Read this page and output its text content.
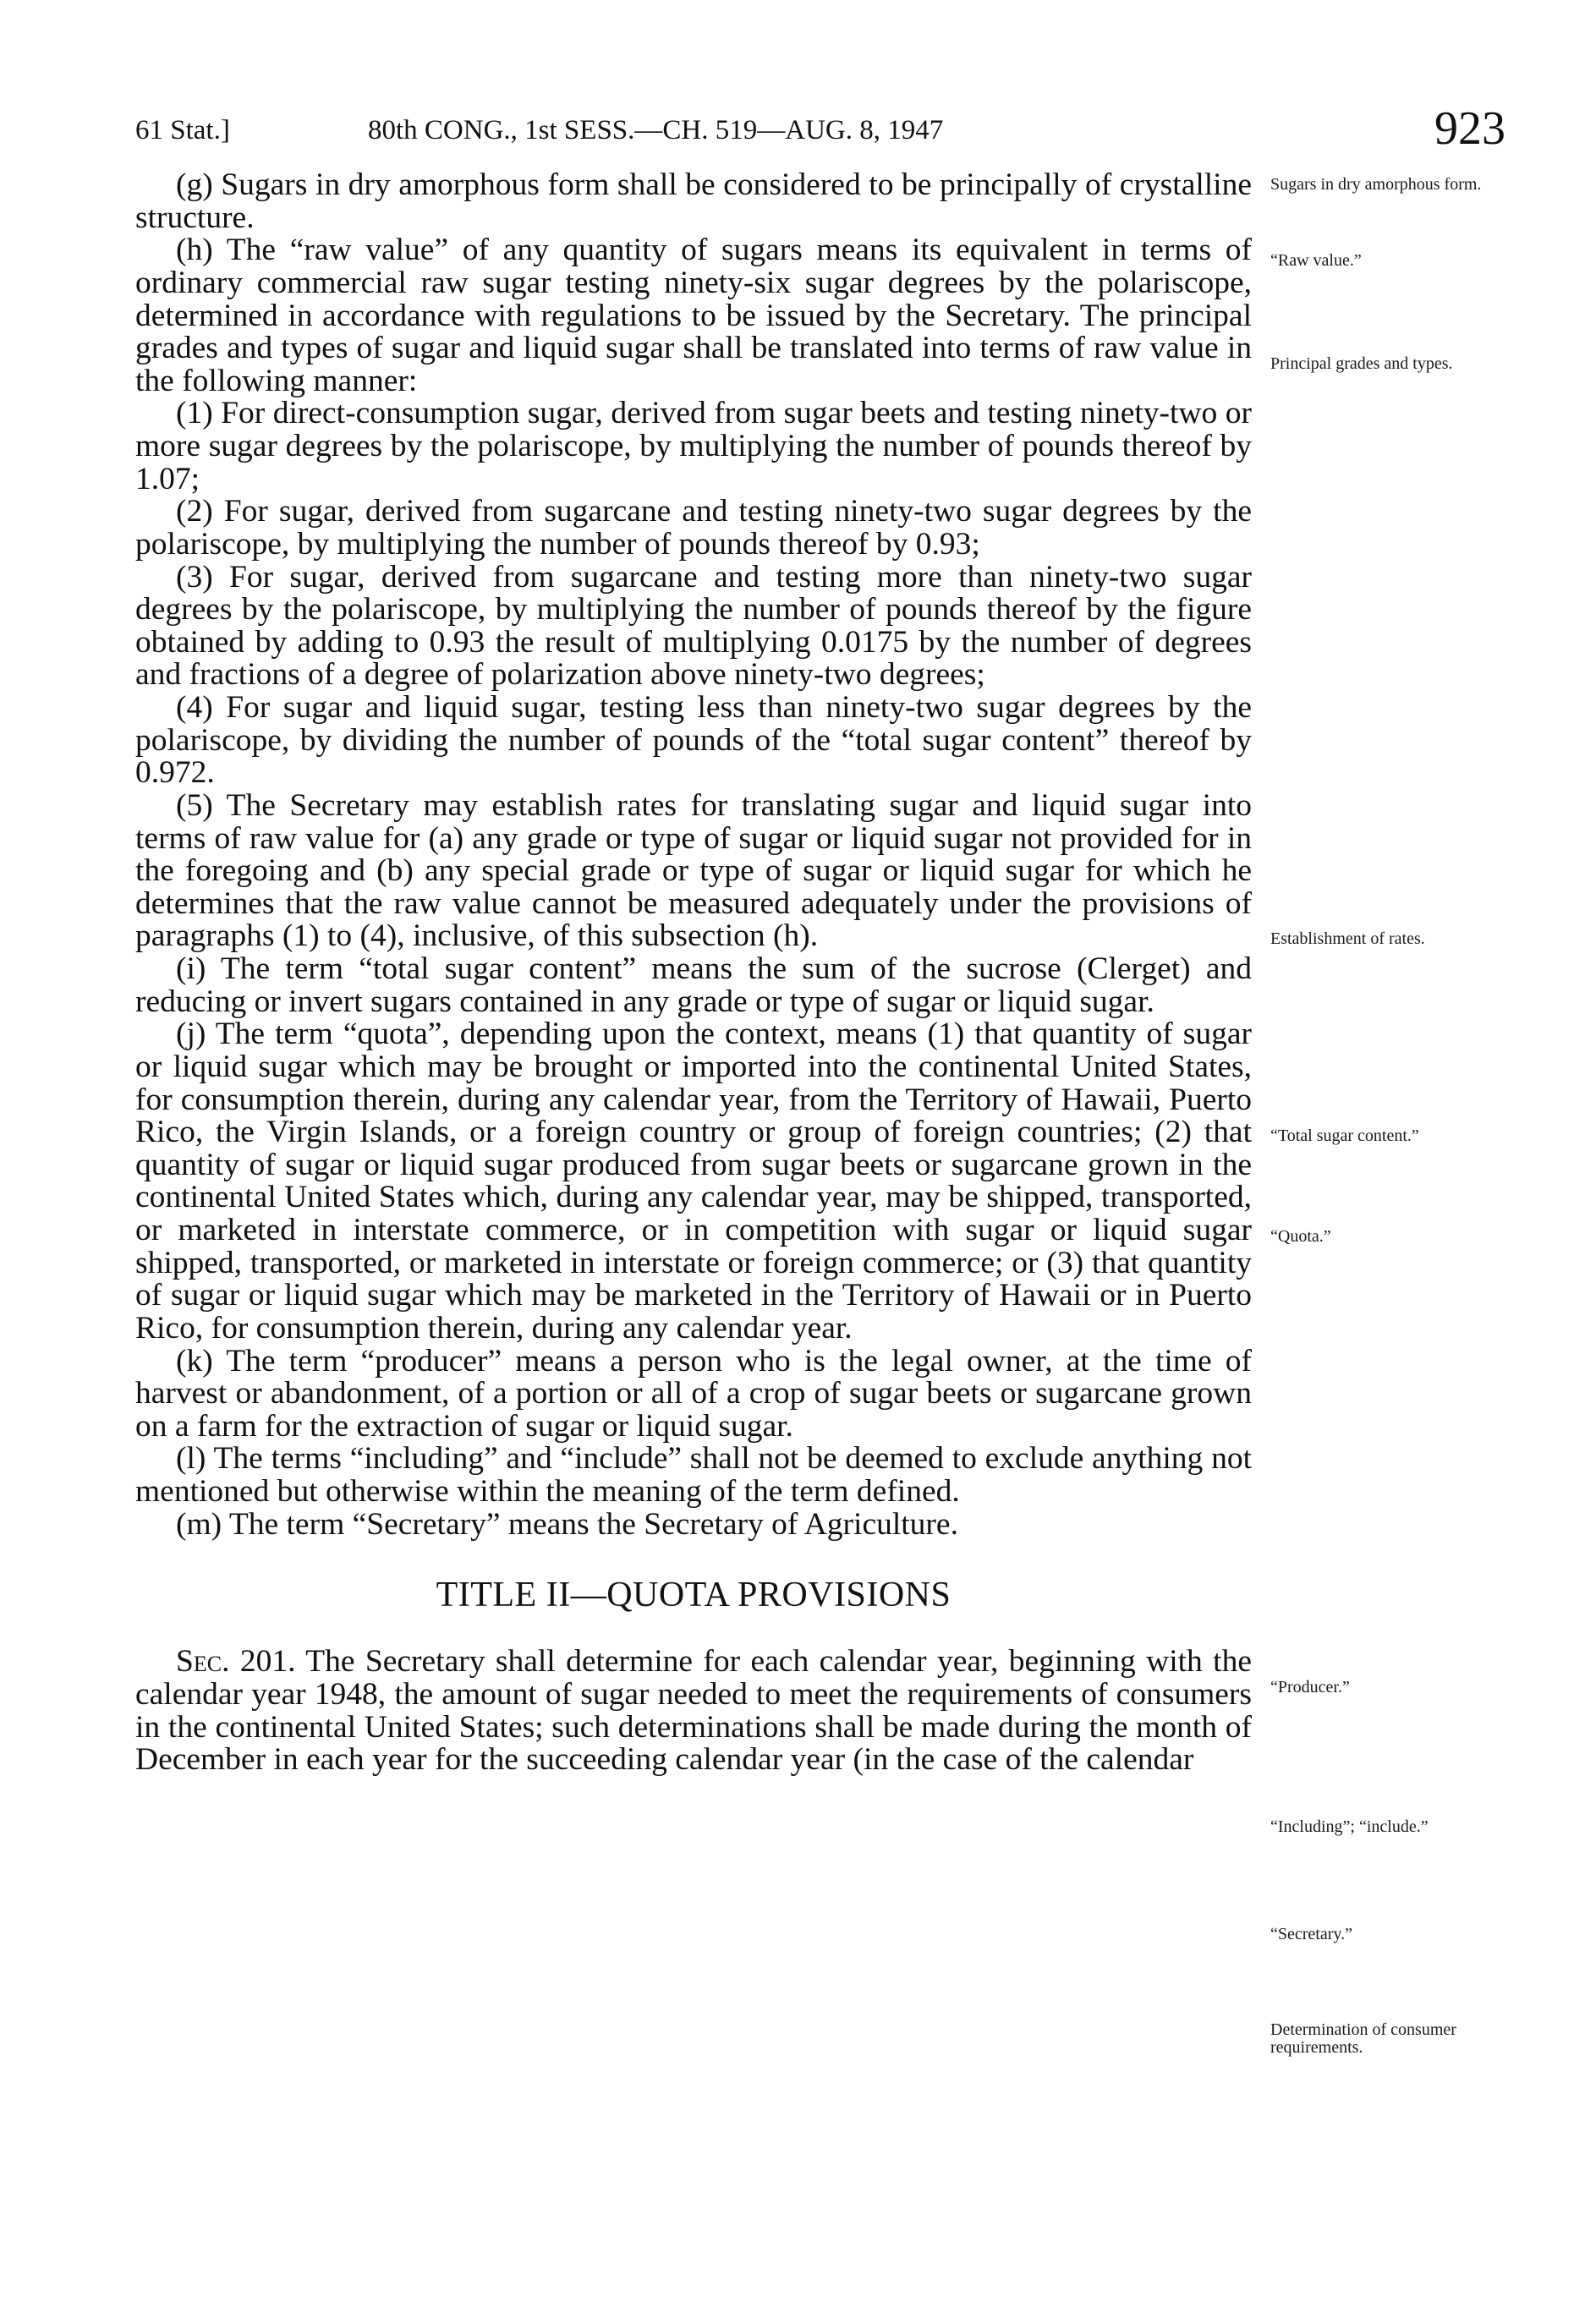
61 Stat.]	80th CONG., 1st SESS.—CH. 519—AUG. 8, 1947	923

(g) Sugars in dry amorphous form shall be considered to be principally of crystalline structure.

(h) The “raw value” of any quantity of sugars means its equivalent in terms of ordinary commercial raw sugar testing ninety-six sugar degrees by the polariscope, determined in accordance with regulations to be issued by the Secretary. The principal grades and types of sugar and liquid sugar shall be translated into terms of raw value in the following manner:

(1) For direct-consumption sugar, derived from sugar beets and testing ninety-two or more sugar degrees by the polariscope, by multiplying the number of pounds thereof by 1.07;

(2) For sugar, derived from sugarcane and testing ninety-two sugar degrees by the polariscope, by multiplying the number of pounds thereof by 0.93;

(3) For sugar, derived from sugarcane and testing more than ninety-two sugar degrees by the polariscope, by multiplying the number of pounds thereof by the figure obtained by adding to 0.93 the result of multiplying 0.0175 by the number of degrees and fractions of a degree of polarization above ninety-two degrees;

(4) For sugar and liquid sugar, testing less than ninety-two sugar degrees by the polariscope, by dividing the number of pounds of the “total sugar content” thereof by 0.972.

(5) The Secretary may establish rates for translating sugar and liquid sugar into terms of raw value for (a) any grade or type of sugar or liquid sugar not provided for in the foregoing and (b) any special grade or type of sugar or liquid sugar for which he determines that the raw value cannot be measured adequately under the provisions of paragraphs (1) to (4), inclusive, of this subsection (h).

(i) The term “total sugar content” means the sum of the sucrose (Clerget) and reducing or invert sugars contained in any grade or type of sugar or liquid sugar.

(j) The term “quota”, depending upon the context, means (1) that quantity of sugar or liquid sugar which may be brought or imported into the continental United States, for consumption therein, during any calendar year, from the Territory of Hawaii, Puerto Rico, the Virgin Islands, or a foreign country or group of foreign countries; (2) that quantity of sugar or liquid sugar produced from sugar beets or sugarcane grown in the continental United States which, during any calendar year, may be shipped, transported, or marketed in interstate commerce, or in competition with sugar or liquid sugar shipped, transported, or marketed in interstate or foreign commerce; or (3) that quantity of sugar or liquid sugar which may be marketed in the Territory of Hawaii or in Puerto Rico, for consumption therein, during any calendar year.

(k) The term “producer” means a person who is the legal owner, at the time of harvest or abandonment, of a portion or all of a crop of sugar beets or sugarcane grown on a farm for the extraction of sugar or liquid sugar.

(l) The terms “including” and “include” shall not be deemed to exclude anything not mentioned but otherwise within the meaning of the term defined.

(m) The term “Secretary” means the Secretary of Agriculture.

TITLE II—QUOTA PROVISIONS

Sec. 201. The Secretary shall determine for each calendar year, beginning with the calendar year 1948, the amount of sugar needed to meet the requirements of consumers in the continental United States; such determinations shall be made during the month of December in each year for the succeeding calendar year (in the case of the calendar

Sugars in dry amorphous form.
“Raw value.”
Principal grades and types.
Establishment of rates.
“Total sugar content.”
“Quota.”
“Producer.”
“Including”; “include.”
“Secretary.”
Determination of consumer requirements.
